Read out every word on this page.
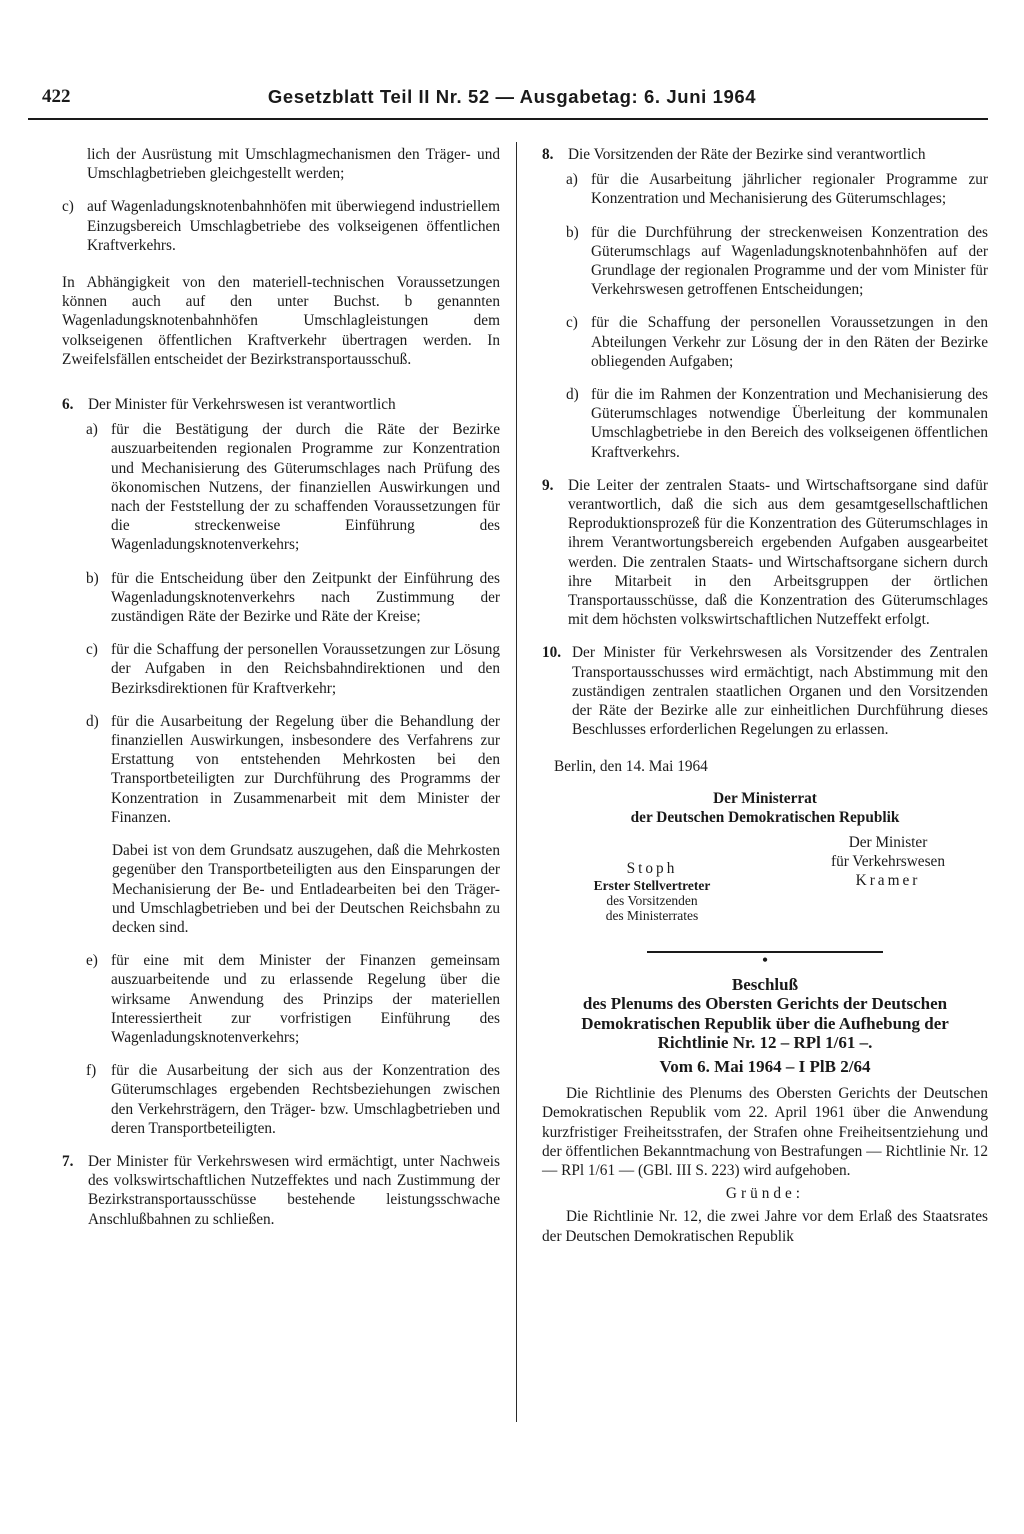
422	Gesetzblatt Teil II Nr. 52 — Ausgabetag: 6. Juni 1964

lich der Ausrüstung mit Umschlagmechanismen den Träger- und Umschlagbetrieben gleichgestellt werden;

c) auf Wagenladungsknotenbahnhöfen mit überwiegend industriellem Einzugsbereich Umschlagbetriebe des volkseigenen öffentlichen Kraftverkehrs.

In Abhängigkeit von den materiell-technischen Voraussetzungen können auch auf den unter Buchst. b genannten Wagenladungsknotenbahnhöfen Umschlagleistungen dem volkseigenen öffentlichen Kraftverkehr übertragen werden. In Zweifelsfällen entscheidet der Bezirkstransportausschuß.

6. Der Minister für Verkehrswesen ist verantwortlich
a) für die Bestätigung der durch die Räte der Bezirke auszuarbeitenden regionalen Programme zur Konzentration und Mechanisierung des Güterumschlages nach Prüfung des ökonomischen Nutzens, der finanziellen Auswirkungen und nach der Feststellung der zu schaffenden Voraussetzungen für die streckenweise Einführung des Wagenladungsknotenverkehrs;
b) für die Entscheidung über den Zeitpunkt der Einführung des Wagenladungsknotenverkehrs nach Zustimmung der zuständigen Räte der Bezirke und Räte der Kreise;
c) für die Schaffung der personellen Voraussetzungen zur Lösung der Aufgaben in den Reichsbahndirektionen und den Bezirksdirektionen für Kraftverkehr;
d) für die Ausarbeitung der Regelung über die Behandlung der finanziellen Auswirkungen, insbesondere des Verfahrens zur Erstattung von entstehenden Mehrkosten bei den Transportbeteiligten zur Durchführung des Programms der Konzentration in Zusammenarbeit mit dem Minister der Finanzen.

Dabei ist von dem Grundsatz auszugehen, daß die Mehrkosten gegenüber den Transportbeteiligten aus den Einsparungen der Mechanisierung der Be- und Entladearbeiten bei den Träger- und Umschlagbetrieben und bei der Deutschen Reichsbahn zu decken sind.

e) für eine mit dem Minister der Finanzen gemeinsam auszuarbeitende und zu erlassende Regelung über die wirksame Anwendung des Prinzips der materiellen Interessiertheit zur vorfristigen Einführung des Wagenladungsknotenverkehrs;
f) für die Ausarbeitung der sich aus der Konzentration des Güterumschlages ergebenden Rechtsbeziehungen zwischen den Verkehrsträgern, den Träger- bzw. Umschlagbetrieben und deren Transportbeteiligten.
7. Der Minister für Verkehrswesen wird ermächtigt, unter Nachweis des volkswirtschaftlichen Nutzeffektes und nach Zustimmung der Bezirkstransportausschüsse bestehende leistungsschwache Anschlußbahnen zu schließen.
8. Die Vorsitzenden der Räte der Bezirke sind verantwortlich
a) für die Ausarbeitung jährlicher regionaler Programme zur Konzentration und Mechanisierung des Güterumschlages;
b) für die Durchführung der streckenweisen Konzentration des Güterumschlags auf Wagenladungsknotenbahnhöfen auf der Grundlage der regionalen Programme und der vom Minister für Verkehrswesen getroffenen Entscheidungen;
c) für die Schaffung der personellen Voraussetzungen in den Abteilungen Verkehr zur Lösung der in den Räten der Bezirke obliegenden Aufgaben;
d) für die im Rahmen der Konzentration und Mechanisierung des Güterumschlages notwendige Überleitung der kommunalen Umschlagbetriebe in den Bereich des volkseigenen öffentlichen Kraftverkehrs.
9. Die Leiter der zentralen Staats- und Wirtschaftsorgane sind dafür verantwortlich, daß die sich aus dem gesamtgesellschaftlichen Reproduktionsprozeß für die Konzentration des Güterumschlages in ihrem Verantwortungsbereich ergebenden Aufgaben ausgearbeitet werden. Die zentralen Staats- und Wirtschaftsorgane sichern durch ihre Mitarbeit in den Arbeitsgruppen der örtlichen Transportausschüsse, daß die Konzentration des Güterumschlages mit dem höchsten volkswirtschaftlichen Nutzeffekt erfolgt.
10. Der Minister für Verkehrswesen als Vorsitzender des Zentralen Transportausschusses wird ermächtigt, nach Abstimmung mit den zuständigen zentralen staatlichen Organen und den Vorsitzenden der Räte der Bezirke alle zur einheitlichen Durchführung dieses Beschlusses erforderlichen Regelungen zu erlassen.
Berlin, den 14. Mai 1964
Der Ministerrat
der Deutschen Demokratischen Republik
Stoph
Erster Stellvertreter
des Vorsitzenden
des Ministerrates
Der Minister
für Verkehrswesen
Kramer
•
Beschluß
des Plenums des Obersten Gerichts der Deutschen
Demokratischen Republik über die Aufhebung der
Richtlinie Nr. 12 – RPl 1/61 –.
Vom 6. Mai 1964 – I PlB 2/64

Die Richtlinie des Plenums des Obersten Gerichts der Deutschen Demokratischen Republik vom 22. April 1961 über die Anwendung kurzfristiger Freiheitsstrafen, der Strafen ohne Freiheitsentziehung und der öffentlichen Bekanntmachung von Bestrafungen — Richtlinie Nr. 12 — RPl 1/61 — (GBl. III S. 223) wird aufgehoben.

Gründe:

Die Richtlinie Nr. 12, die zwei Jahre vor dem Erlaß des Staatsrates der Deutschen Demokratischen Republik
